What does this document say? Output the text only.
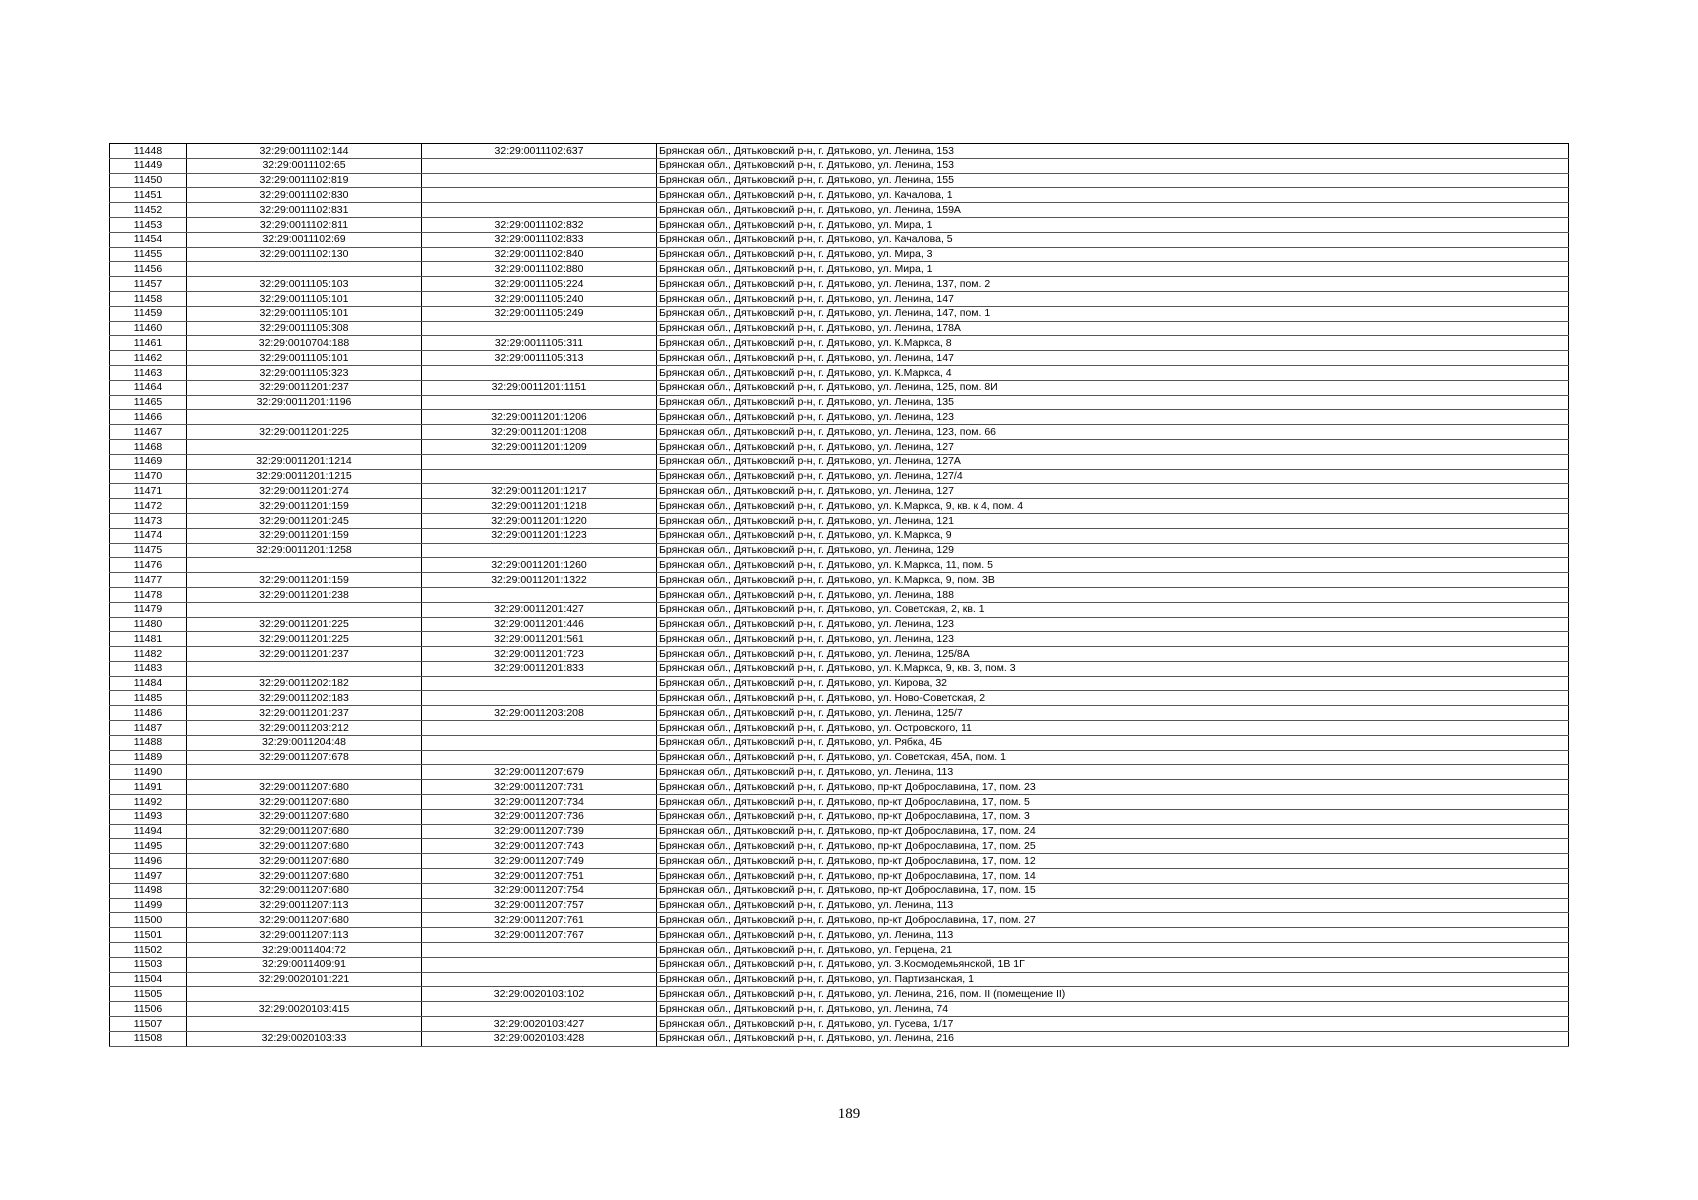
11448	32:29:0011102:144	32:29:0011102:637	Брянская обл., Дятьковский р-н, г. Дятьково, ул. Ленина, 153
11449	32:29:0011102:65		Брянская обл., Дятьковский р-н, г. Дятьково, ул. Ленина, 153
11450	32:29:0011102:819		Брянская обл., Дятьковский р-н, г. Дятьково, ул. Ленина, 155
11451	32:29:0011102:830		Брянская обл., Дятьковский р-н, г. Дятьково, ул. Качалова, 1
11452	32:29:0011102:831		Брянская обл., Дятьковский р-н, г. Дятьково, ул. Ленина, 159А
11453	32:29:0011102:811	32:29:0011102:832	Брянская обл., Дятьковский р-н, г. Дятьково, ул. Мира, 1
11454	32:29:0011102:69	32:29:0011102:833	Брянская обл., Дятьковский р-н, г. Дятьково, ул. Качалова, 5
11455	32:29:0011102:130	32:29:0011102:840	Брянская обл., Дятьковский р-н, г. Дятьково, ул. Мира, 3
11456		32:29:0011102:880	Брянская обл., Дятьковский р-н, г. Дятьково, ул. Мира, 1
11457	32:29:0011105:103	32:29:0011105:224	Брянская обл., Дятьковский р-н, г. Дятьково, ул. Ленина, 137, пом. 2
11458	32:29:0011105:101	32:29:0011105:240	Брянская обл., Дятьковский р-н, г. Дятьково, ул. Ленина, 147
11459	32:29:0011105:101	32:29:0011105:249	Брянская обл., Дятьковский р-н, г. Дятьково, ул. Ленина, 147, пом. 1
11460	32:29:0011105:308		Брянская обл., Дятьковский р-н, г. Дятьково, ул. Ленина, 178А
11461	32:29:0010704:188	32:29:0011105:311	Брянская обл., Дятьковский р-н, г. Дятьково, ул. К.Маркса, 8
11462	32:29:0011105:101	32:29:0011105:313	Брянская обл., Дятьковский р-н, г. Дятьково, ул. Ленина, 147
11463	32:29:0011105:323		Брянская обл., Дятьковский р-н, г. Дятьково, ул. К.Маркса, 4
11464	32:29:0011201:237	32:29:0011201:1151	Брянская обл., Дятьковский р-н, г. Дятьково, ул. Ленина, 125, пом. 8И
11465	32:29:0011201:1196		Брянская обл., Дятьковский р-н, г. Дятьково, ул. Ленина, 135
11466		32:29:0011201:1206	Брянская обл., Дятьковский р-н, г. Дятьково, ул. Ленина, 123
11467	32:29:0011201:225	32:29:0011201:1208	Брянская обл., Дятьковский р-н, г. Дятьково, ул. Ленина, 123, пом. 66
11468		32:29:0011201:1209	Брянская обл., Дятьковский р-н, г. Дятьково, ул. Ленина, 127
11469	32:29:0011201:1214		Брянская обл., Дятьковский р-н, г. Дятьково, ул. Ленина, 127А
11470	32:29:0011201:1215		Брянская обл., Дятьковский р-н, г. Дятьково, ул. Ленина, 127/4
11471	32:29:0011201:274	32:29:0011201:1217	Брянская обл., Дятьковский р-н, г. Дятьково, ул. Ленина, 127
11472	32:29:0011201:159	32:29:0011201:1218	Брянская обл., Дятьковский р-н, г. Дятьково, ул. К.Маркса, 9, кв. к 4, пом. 4
11473	32:29:0011201:245	32:29:0011201:1220	Брянская обл., Дятьковский р-н, г. Дятьково, ул. Ленина, 121
11474	32:29:0011201:159	32:29:0011201:1223	Брянская обл., Дятьковский р-н, г. Дятьково, ул. К.Маркса, 9
11475	32:29:0011201:1258		Брянская обл., Дятьковский р-н, г. Дятьково, ул. Ленина, 129
11476		32:29:0011201:1260	Брянская обл., Дятьковский р-н, г. Дятьково, ул. К.Маркса, 11, пом. 5
11477	32:29:0011201:159	32:29:0011201:1322	Брянская обл., Дятьковский р-н, г. Дятьково, ул. К.Маркса, 9, пом. 3В
11478	32:29:0011201:238		Брянская обл., Дятьковский р-н, г. Дятьково, ул. Ленина, 188
11479		32:29:0011201:427	Брянская обл., Дятьковский р-н, г. Дятьково, ул. Советская, 2, кв. 1
11480	32:29:0011201:225	32:29:0011201:446	Брянская обл., Дятьковский р-н, г. Дятьково, ул. Ленина, 123
11481	32:29:0011201:225	32:29:0011201:561	Брянская обл., Дятьковский р-н, г. Дятьково, ул. Ленина, 123
11482	32:29:0011201:237	32:29:0011201:723	Брянская обл., Дятьковский р-н, г. Дятьково, ул. Ленина, 125/8А
11483		32:29:0011201:833	Брянская обл., Дятьковский р-н, г. Дятьково, ул. К.Маркса, 9, кв. 3, пом. 3
11484	32:29:0011202:182		Брянская обл., Дятьковский р-н, г. Дятьково, ул. Кирова, 32
11485	32:29:0011202:183		Брянская обл., Дятьковский р-н, г. Дятьково, ул. Ново-Советская, 2
11486	32:29:0011201:237	32:29:0011203:208	Брянская обл., Дятьковский р-н, г. Дятьково, ул. Ленина, 125/7
11487	32:29:0011203:212		Брянская обл., Дятьковский р-н, г. Дятьково, ул. Островского, 11
11488	32:29:0011204:48		Брянская обл., Дятьковский р-н, г. Дятьково, ул. Рябка, 4Б
11489	32:29:0011207:678		Брянская обл., Дятьковский р-н, г. Дятьково, ул. Советская, 45А, пом. 1
11490		32:29:0011207:679	Брянская обл., Дятьковский р-н, г. Дятьково, ул. Ленина, 113
11491	32:29:0011207:680	32:29:0011207:731	Брянская обл., Дятьковский р-н, г. Дятьково, пр-кт Доброславина, 17, пом. 23
11492	32:29:0011207:680	32:29:0011207:734	Брянская обл., Дятьковский р-н, г. Дятьково, пр-кт Доброславина, 17, пом. 5
11493	32:29:0011207:680	32:29:0011207:736	Брянская обл., Дятьковский р-н, г. Дятьково, пр-кт Доброславина, 17, пом. 3
11494	32:29:0011207:680	32:29:0011207:739	Брянская обл., Дятьковский р-н, г. Дятьково, пр-кт Доброславина, 17, пом. 24
11495	32:29:0011207:680	32:29:0011207:743	Брянская обл., Дятьковский р-н, г. Дятьково, пр-кт Доброславина, 17, пом. 25
11496	32:29:0011207:680	32:29:0011207:749	Брянская обл., Дятьковский р-н, г. Дятьково, пр-кт Доброславина, 17, пом. 12
11497	32:29:0011207:680	32:29:0011207:751	Брянская обл., Дятьковский р-н, г. Дятьково, пр-кт Доброславина, 17, пом. 14
11498	32:29:0011207:680	32:29:0011207:754	Брянская обл., Дятьковский р-н, г. Дятьково, пр-кт Доброславина, 17, пом. 15
11499	32:29:0011207:113	32:29:0011207:757	Брянская обл., Дятьковский р-н, г. Дятьково, ул. Ленина, 113
11500	32:29:0011207:680	32:29:0011207:761	Брянская обл., Дятьковский р-н, г. Дятьково, пр-кт Доброславина, 17, пом. 27
11501	32:29:0011207:113	32:29:0011207:767	Брянская обл., Дятьковский р-н, г. Дятьково, ул. Ленина, 113
11502	32:29:0011404:72		Брянская обл., Дятьковский р-н, г. Дятьково, ул. Герцена, 21
11503	32:29:0011409:91		Брянская обл., Дятьковский р-н, г. Дятьково, ул. З.Космодемьянской, 1В 1Г
11504	32:29:0020101:221		Брянская обл., Дятьковский р-н, г. Дятьково, ул. Партизанская, 1
11505		32:29:0020103:102	Брянская обл., Дятьковский р-н, г. Дятьково, ул. Ленина, 216, пом. II (помещение II)
11506	32:29:0020103:415		Брянская обл., Дятьковский р-н, г. Дятьково, ул. Ленина, 74
11507		32:29:0020103:427	Брянская обл., Дятьковский р-н, г. Дятьково, ул. Гусева, 1/17
11508	32:29:0020103:33	32:29:0020103:428	Брянская обл., Дятьковский р-н, г. Дятьково, ул. Ленина, 216
189
